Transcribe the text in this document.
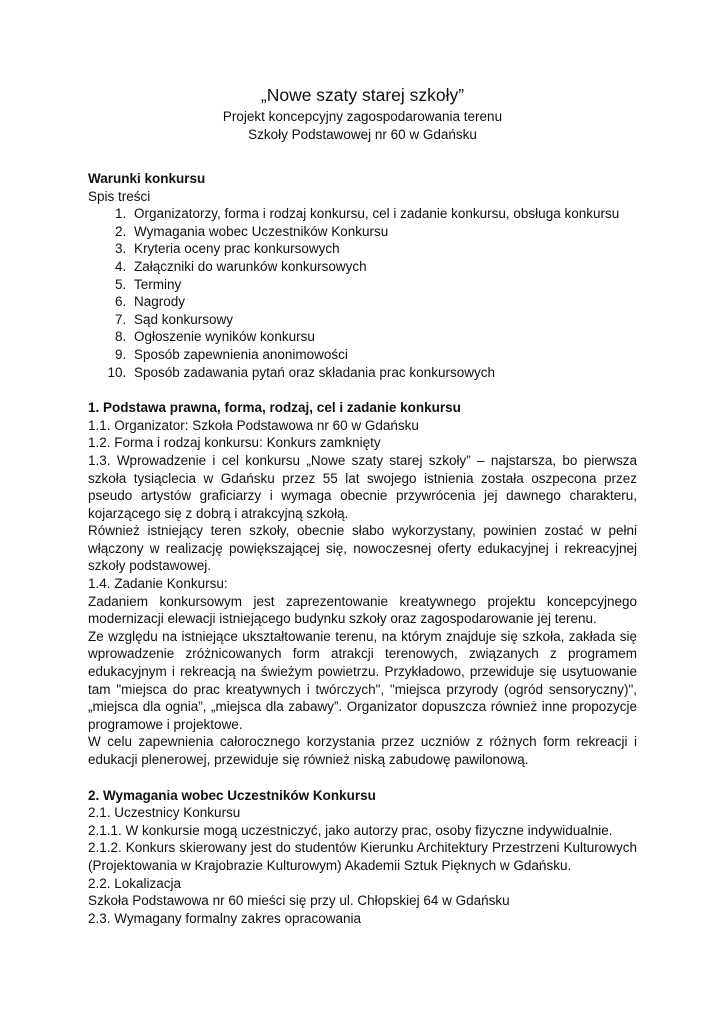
„Nowe szaty starej szkoły”

Projekt koncepcyjny zagospodarowania terenu

Szkoły Podstawowej nr 60 w Gdańsku

Warunki konkursu

Spis treści

1. Organizatorzy, forma i rodzaj konkursu, cel i zadanie konkursu, obsługa konkursu
2. Wymagania wobec Uczestników Konkursu
3. Kryteria oceny prac konkursowych
4. Załączniki do warunków konkursowych
5. Terminy
6. Nagrody
7. Sąd konkursowy
8. Ogłoszenie wyników konkursu
9. Sposób zapewnienia anonimowości
10. Sposób zadawania pytań oraz składania prac konkursowych

1. Podstawa prawna, forma, rodzaj, cel i zadanie konkursu

1.1. Organizator: Szkoła Podstawowa nr 60 w Gdańsku

1.2. Forma i rodzaj konkursu: Konkurs zamknięty

1.3. Wprowadzenie i cel konkursu „Nowe szaty starej szkoły” – najstarsza, bo pierwsza

szkoła tysiąclecia w Gdańsku przez 55 lat swojego istnienia została oszpecona przez

pseudo artystów graficiarzy i wymaga obecnie przywrócenia jej dawnego charakteru,

kojarzącego się z dobrą i atrakcyjną szkołą.

Również istniejący teren szkoły, obecnie słabo wykorzystany, powinien zostać w pełni

włączony w realizację powiększającej się, nowoczesnej oferty edukacyjnej i rekreacyjnej

szkoły podstawowej.

1.4. Zadanie Konkursu:

Zadaniem konkursowym jest zaprezentowanie kreatywnego projektu koncepcyjnego

modernizacji elewacji istniejącego budynku szkoły oraz zagospodarowanie jej terenu.

Ze względu na istniejące ukształtowanie terenu, na którym znajduje się szkoła, zakłada się

wprowadzenie zróżnicowanych form atrakcji terenowych, związanych z programem

edukacyjnym i rekreacją na świeżym powietrzu. Przykładowo, przewiduje się usytuowanie

tam "miejsca do prac kreatywnych i twórczych", "miejsca przyrody (ogród sensoryczny)",

„miejsca dla ognia”, „miejsca dla zabawy”. Organizator dopuszcza również inne propozycje

programowe i projektowe.

W celu zapewnienia całorocznego korzystania przez uczniów z różnych form rekreacji i

edukacji plenerowej, przewiduje się również niską zabudowę pawilonową.

2. Wymagania wobec Uczestników Konkursu

2.1. Uczestnicy Konkursu

2.1.1. W konkursie mogą uczestniczyć, jako autorzy prac, osoby fizyczne indywidualnie.

2.1.2. Konkurs skierowany jest do studentów Kierunku Architektury Przestrzeni Kulturowych

(Projektowania w Krajobrazie Kulturowym) Akademii Sztuk Pięknych w Gdańsku.

2.2. Lokalizacja

Szkoła Podstawowa nr 60 mieści się przy ul. Chłopskiej 64 w Gdańsku

2.3. Wymagany formalny zakres opracowania
